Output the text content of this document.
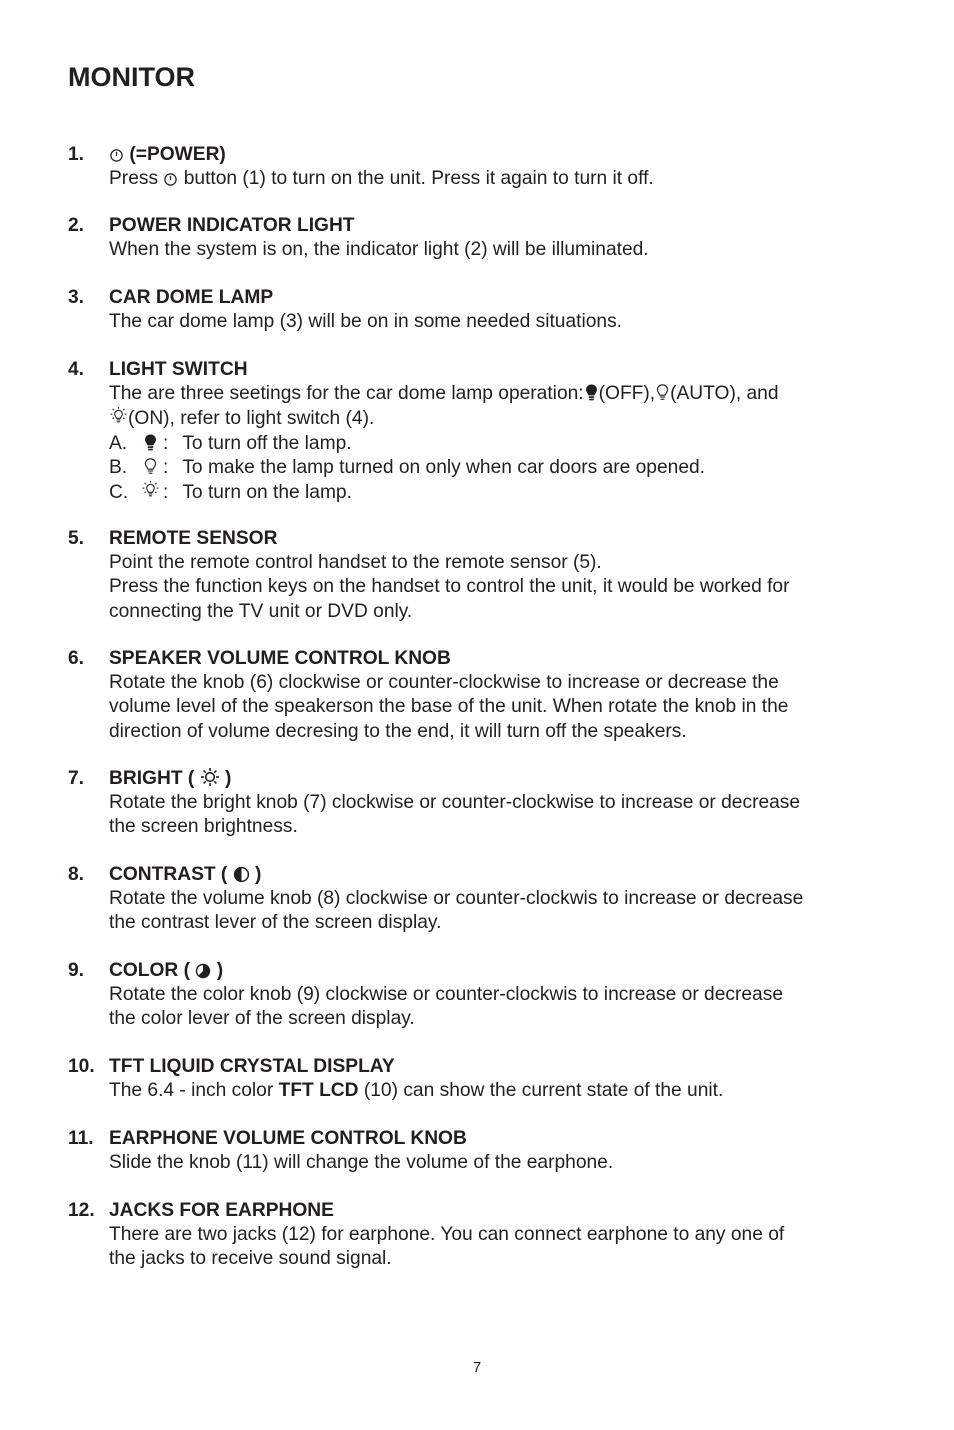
MONITOR
1.	(=POWER)
Press button (1) to turn on the unit. Press it again to turn it off.
2. POWER INDICATOR LIGHT
When the system is on, the indicator light (2) will be illuminated.
3. CAR DOME LAMP
The car dome lamp (3) will be on in some needed situations.
4. LIGHT SWITCH
The are three seetings for the car dome lamp operation: (OFF), (AUTO), and
(ON), refer to light switch (4).
A. : To turn off the lamp.
B. : To make the lamp turned on only when car doors are opened.
C. : To turn on the lamp.
5. REMOTE SENSOR
Point the remote control handset to the remote sensor (5).
Press the function keys on the handset to control the unit, it would be worked for
connecting the TV unit or DVD only.
6. SPEAKER VOLUME CONTROL KNOB
Rotate the knob (6) clockwise or counter-clockwise to increase or decrease the
volume level of the speakerson the base of the unit. When rotate the knob in the
direction of volume decresing to the end, it will turn off the speakers.
7. BRIGHT ( )
Rotate the bright knob (7) clockwise or counter-clockwise to increase or decrease
the screen brightness.
8. CONTRAST ( )
Rotate the volume knob (8) clockwise or counter-clockwis to increase or decrease
the contrast lever of the screen display.
9. COLOR ( )
Rotate the color knob (9) clockwise or counter-clockwis to increase or decrease
the color lever of the screen display.
10. TFT LIQUID CRYSTAL DISPLAY
The 6.4 - inch color TFT LCD (10) can show the current state of the unit.
11. EARPHONE VOLUME CONTROL KNOB
Slide the knob (11) will change the volume of the earphone.
12. JACKS FOR EARPHONE
There are two jacks (12) for earphone. You can connect earphone to any one of
the jacks to receive sound signal.
7
